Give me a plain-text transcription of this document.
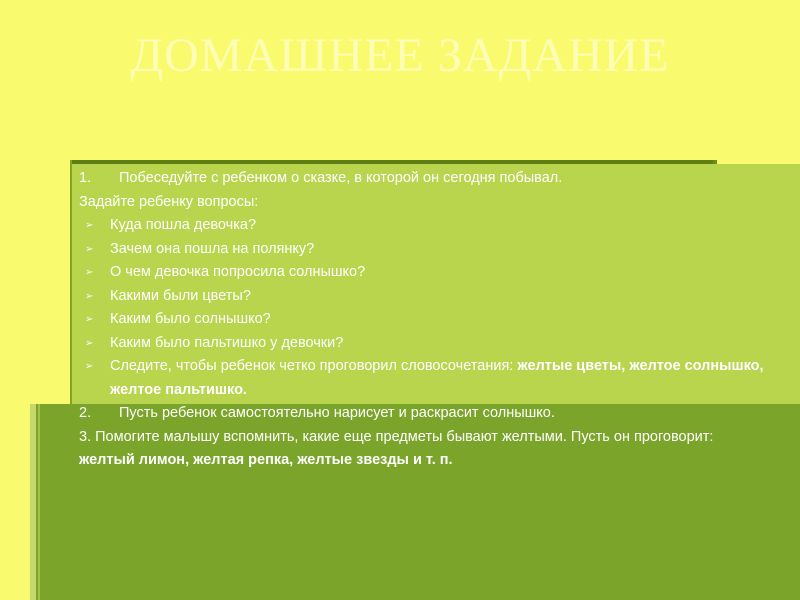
ДОМАШНЕЕ ЗАДАНИЕ
1. Побеседуйте с ребенком о сказке, в которой он сегодня побывал.
Задайте ребенку вопросы:
➢ Куда пошла девочка?
➢ Зачем она пошла на полянку?
➢ О чем девочка попросила солнышко?
➢ Какими были цветы?
➢ Каким было солнышко?
➢ Каким было пальтишко у девочки?
➢ Следите, чтобы ребенок четко проговорил словосочетания: желтые цветы, желтое солнышко, желтое пальтишко.
2. Пусть ребенок самостоятельно нарисует и раскрасит солнышко.
3. Помогите малышу вспомнить, какие еще предметы бывают желтыми. Пусть он проговорит: желтый лимон, желтая репка, желтые звезды и т. п.
